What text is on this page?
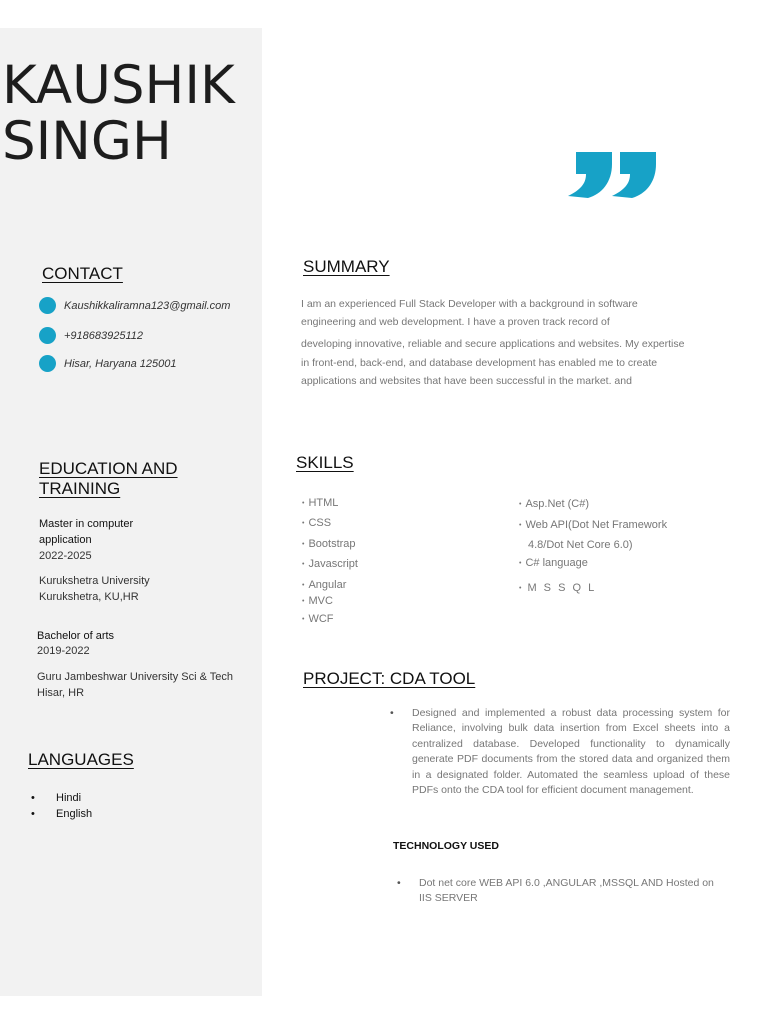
KAUSHIK
SINGH
CONTACT
Kaushikkaliramna123@gmail.com
+918683925112
Hisar, Haryana 125001
EDUCATION AND
TRAINING

Master in computer
application

2022-2025

Kurukshetra University
Kurukshetra, KU,HR

Bachelor of arts

2019-2022

Guru Jambeshwar University Sci & Tech
Hisar, HR

LANGUAGES
•	Hindi
•	English
SUMMARY

I am an experienced Full Stack Developer with a background in software

engineering and web development. I have a proven track record of

developing innovative, reliable and secure applications and websites. My expertise

in front-end, back-end, and database development has enabled me to create

applications and websites that have been successful in the market. and

SKILLS

• HTML

• CSS

• Bootstrap

• Javascript

• Angular

• MVC

• WCF

• Asp.Net (C#)

• Web API(Dot Net Framework

4.8/Dot Net Core 6.0)

• C# language

• M S S Q L

PROJECT: CDA TOOL

• Designed and implemented a robust data processing system for Reliance, involving bulk data insertion from Excel sheets into a centralized database. Developed functionality to dynamically generate PDF documents from the stored data and organized them in a designated folder. Automated the seamless upload of these PDFs onto the CDA tool for efficient document management.

TECHNOLOGY USED

• Dot net core WEB API 6.0 ,ANGULAR ,MSSQL AND Hosted on IIS SERVER
